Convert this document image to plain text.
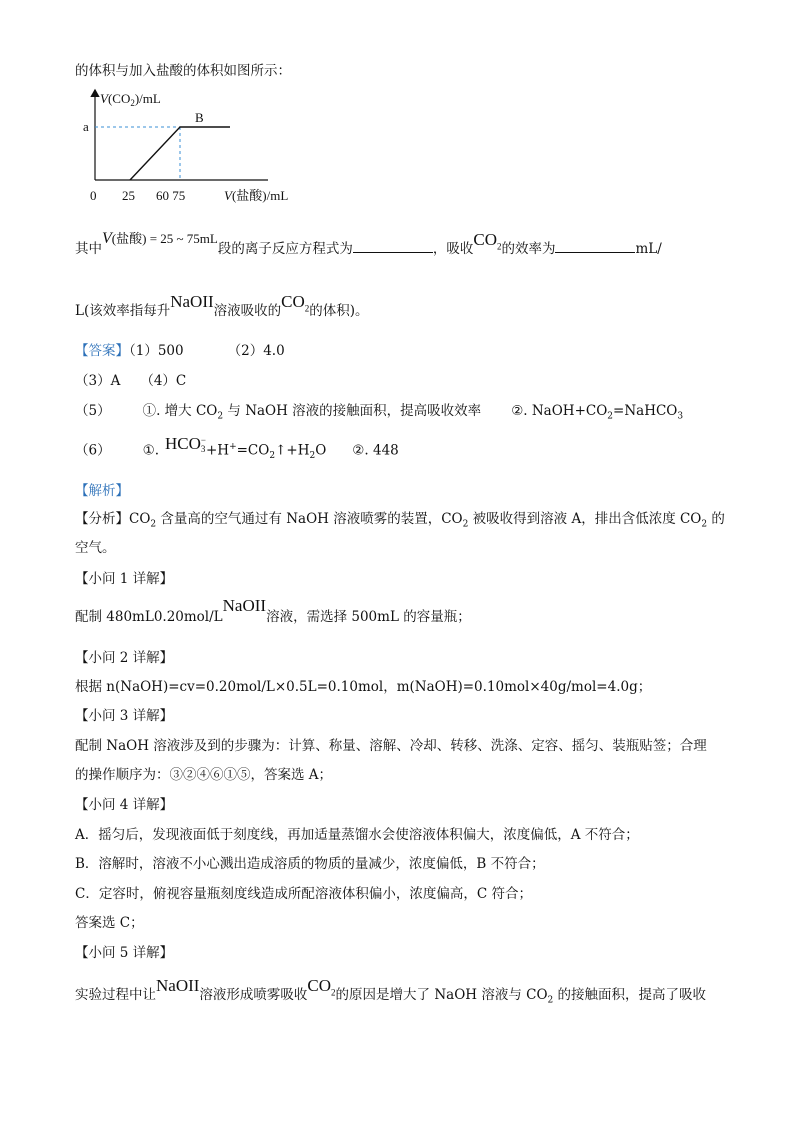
的体积与加入盐酸的体积如图所示：
$V(CO_2)/mL$
a
B
0 25 60 75	V(盐酸)/mL
其中V(盐酸) = 25 ~ 75mL段的离子反应方程式为	，吸收$CO_2$的效率为	mL/
L(该效率指每升NaOII溶液吸收的$CO_2$的体积)。
【答案】（1）500	（2）4.0
（3）A （4）C
（5） ①. 增大 $CO_2$ 与 NaOH 溶液的接触面积，提高吸收效率 ②. $NaOH+CO_2=NaHCO_3$
（6） ①. HCO −
$3 +H^+=CO_2↑+H_2O$ ②. 448
【解析】
【分析】$CO_2$ 含量高的空气通过有 NaOH 溶液喷雾的装置，$CO_2$ 被吸收得到溶液 A，排出含低浓度 $CO_2$ 的
空气。
【小问 1 详解】
配制 480mL0.20mol/LNaOII溶液，需选择 500mL 的容量瓶；
【小问 2 详解】
根据 n(NaOH)=cv=0.20mol/L×0.5L=0.10mol，m(NaOH)=0.10mol×40g/mol=4.0g；
【小问 3 详解】
配制 NaOH 溶液涉及到的步骤为：计算、称量、溶解、冷却、转移、洗涤、定容、摇匀、装瓶贴签；合理
的操作顺序为：③②④⑥①⑤，答案选 A；
【小问 4 详解】
A．摇匀后，发现液面低于刻度线，再加适量蒸馏水会使溶液体积偏大，浓度偏低，A 不符合；
B．溶解时，溶液不小心溅出造成溶质的物质的量减少，浓度偏低，B 不符合；
C．定容时，俯视容量瓶刻度线造成所配溶液体积偏小，浓度偏高，C 符合；
答案选 C；
【小问 5 详解】
实验过程中让NaOII溶液形成喷雾吸收$CO_2$的原因是增大了 NaOH 溶液与 $CO_2$ 的接触面积，提高了吸收
